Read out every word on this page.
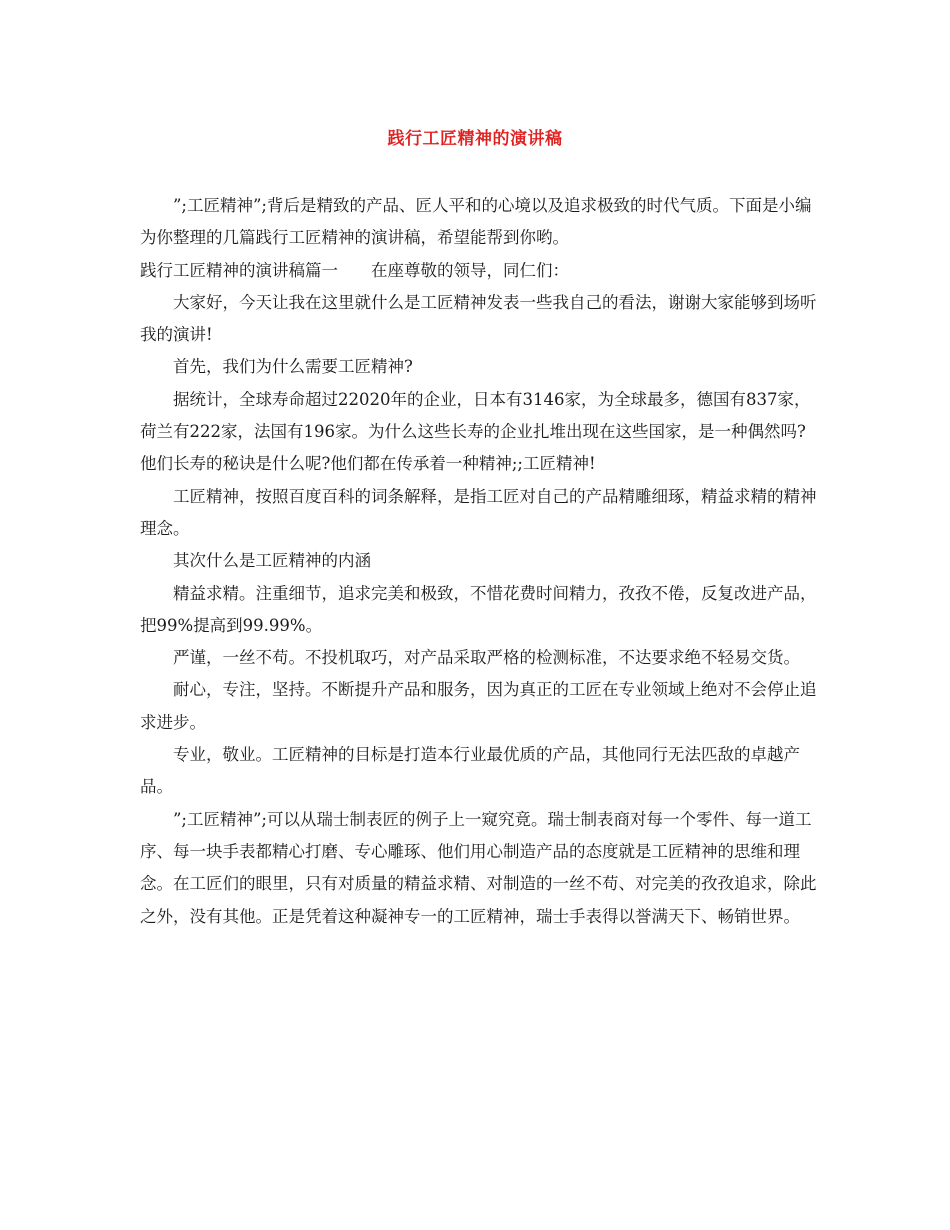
践行工匠精神的演讲稿

”;工匠精神”;背后是精致的产品、匠人平和的心境以及追求极致的时代气质。下面是小编为你整理的几篇践行工匠精神的演讲稿，希望能帮到你哟。

践行工匠精神的演讲稿篇一　　在座尊敬的领导，同仁们：

大家好，今天让我在这里就什么是工匠精神发表一些我自己的看法，谢谢大家能够到场听我的演讲!

首先，我们为什么需要工匠精神?

据统计，全球寿命超过22020年的企业，日本有3146家，为全球最多，德国有837家，荷兰有222家，法国有196家。为什么这些长寿的企业扎堆出现在这些国家，是一种偶然吗?他们长寿的秘诀是什么呢?他们都在传承着一种精神;;工匠精神!

工匠精神，按照百度百科的词条解释，是指工匠对自己的产品精雕细琢，精益求精的精神理念。

其次什么是工匠精神的内涵

精益求精。注重细节，追求完美和极致，不惜花费时间精力，孜孜不倦，反复改进产品，把99%提高到99.99%。

严谨，一丝不苟。不投机取巧，对产品采取严格的检测标准，不达要求绝不轻易交货。

耐心，专注，坚持。不断提升产品和服务，因为真正的工匠在专业领域上绝对不会停止追求进步。

专业，敬业。工匠精神的目标是打造本行业最优质的产品，其他同行无法匹敌的卓越产品。

”;工匠精神”;可以从瑞士制表匠的例子上一窥究竟。瑞士制表商对每一个零件、每一道工序、每一块手表都精心打磨、专心雕琢、他们用心制造产品的态度就是工匠精神的思维和理念。在工匠们的眼里，只有对质量的精益求精、对制造的一丝不苟、对完美的孜孜追求，除此之外，没有其他。正是凭着这种凝神专一的工匠精神，瑞士手表得以誉满天下、畅销世界。
